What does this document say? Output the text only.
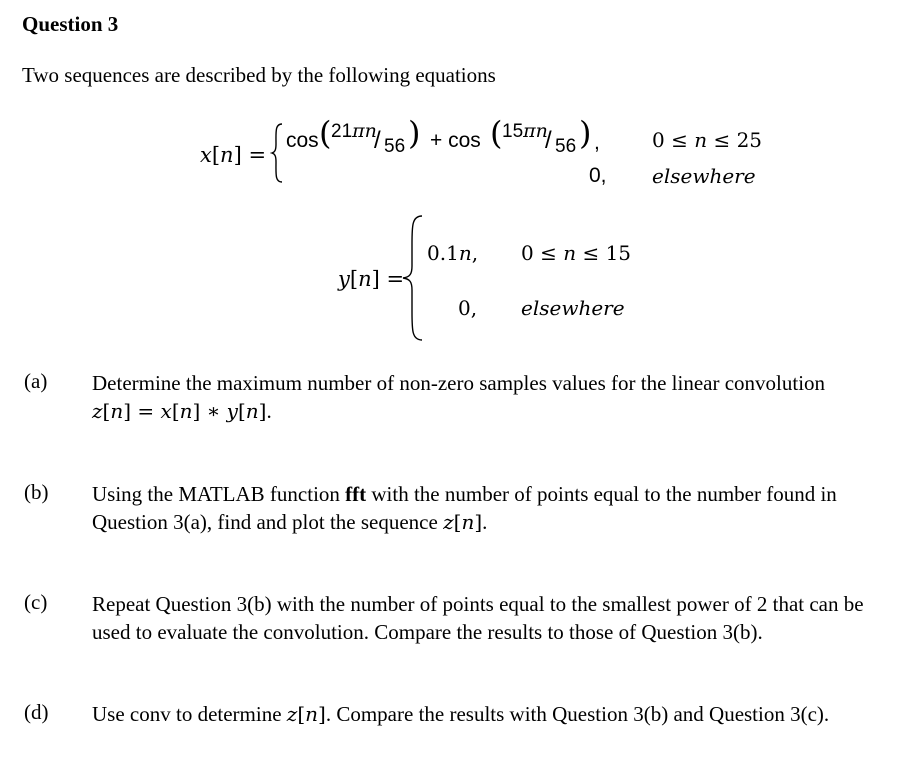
Question 3
Two sequences are described by the following equations
x[n] =
cos ( 21πn
/ 56 ) + cos ( 15πn
/ 56 ) ,	0 ≤ n ≤ 25
0, elsewhere
y[n] =
0.1n, 0 ≤ n ≤ 15
0, elsewhere
(a) Determine the maximum number of non-zero samples values for the linear convolution
z[n] = x[n] ∗ y[n].
(b) Using the MATLAB function fft with the number of points equal to the number found in Question 3(a), find and plot the sequence z[n].
(c) Repeat Question 3(b) with the number of points equal to the smallest power of 2 that can be used to evaluate the convolution. Compare the results to those of Question 3(b).
(d) Use conv to determine z[n]. Compare the results with Question 3(b) and Question 3(c).
